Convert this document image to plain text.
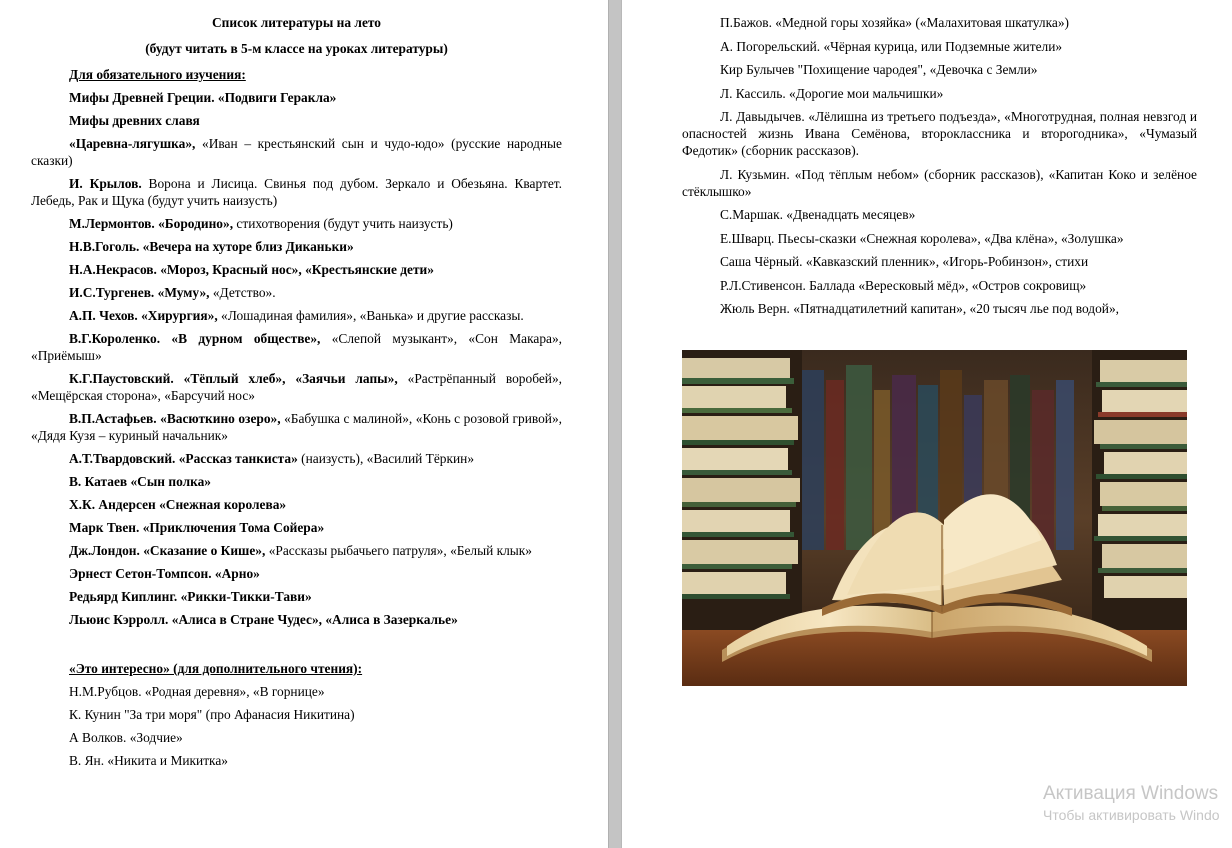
Список литературы на лето

(будут читать в 5-м классе на уроках литературы)

Для обязательного изучения:

Мифы Древней Греции. «Подвиги Геракла»

Мифы древних славя

«Царевна-лягушка», «Иван – крестьянский сын и чудо-юдо» (русские народные сказки)

И. Крылов. Ворона и Лисица. Свинья под дубом. Зеркало и Обезьяна. Квартет. Лебедь, Рак и Щука (будут учить наизусть)

М.Лермонтов. «Бородино», стихотворения (будут учить наизусть)

Н.В.Гоголь. «Вечера на хуторе близ Диканьки»

Н.А.Некрасов. «Мороз, Красный нос», «Крестьянские дети»

И.С.Тургенев. «Муму», «Детство».

А.П. Чехов. «Хирургия», «Лошадиная фамилия», «Ванька» и другие рассказы.

В.Г.Короленко. «В дурном обществе», «Слепой музыкант», «Сон Макара», «Приёмыш»

К.Г.Паустовский. «Тёплый хлеб», «Заячьи лапы», «Растрёпанный воробей», «Мещёрская сторона», «Барсучий нос»

В.П.Астафьев. «Васюткино озеро», «Бабушка с малиной», «Конь с розовой гривой», «Дядя Кузя – куриный начальник»

А.Т.Твардовский. «Рассказ танкиста» (наизусть), «Василий Тёркин»

В. Катаев «Сын полка»

Х.К. Андерсен «Снежная королева»

Марк Твен. «Приключения Тома Сойера»

Дж.Лондон. «Сказание о Кише», «Рассказы рыбачьего патруля», «Белый клык»

Эрнест Сетон-Томпсон. «Арно»

Редьярд Киплинг. «Рикки-Тикки-Тави»

Льюис Кэрролл. «Алиса в Стране Чудес», «Алиса в Зазеркалье»

«Это интересно» (для дополнительного чтения):

Н.М.Рубцов. «Родная деревня», «В горнице»

К. Кунин "За три моря" (про Афанасия Никитина)

А Волков. «Зодчие»

В. Ян. «Никита и Микитка»

П.Бажов. «Медной горы хозяйка» («Малахитовая шкатулка»)

А. Погорельский. «Чёрная курица, или Подземные жители»

Кир Булычев "Похищение чародея", «Девочка с Земли»

Л. Кассиль. «Дорогие мои мальчишки»

Л. Давыдычев. «Лёлишна из третьего подъезда», «Многотрудная, полная невзгод и опасностей жизнь Ивана Семёнова, второклассника и второгодника», «Чумазый Федотик» (сборник рассказов).

Л. Кузьмин. «Под тёплым небом» (сборник рассказов), «Капитан Коко и зелёное стёклышко»

С.Маршак. «Двенадцать месяцев»

Е.Шварц. Пьесы-сказки «Снежная королева», «Два клёна», «Золушка»

Саша Чёрный. «Кавказский пленник», «Игорь-Робинзон», стихи

Р.Л.Стивенсон. Баллада «Вересковый мёд», «Остров сокровищ»

Жюль Верн. «Пятнадцатилетний капитан», «20 тысяч лье под водой»,

Активация Windows
Чтобы активировать Windo
